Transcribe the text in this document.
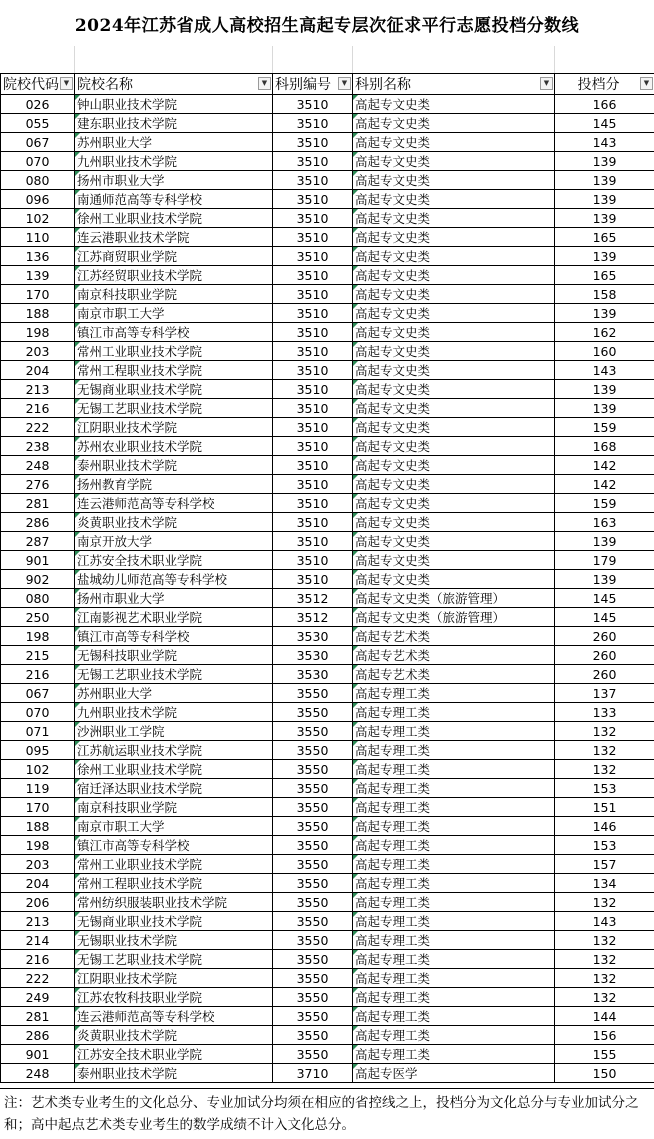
2024年江苏省成人高校招生高起专层次征求平行志愿投档分数线
院校代码 ▼	院校名称 ▼	科别编号 ▼	科别名称 ▼	投档分 ▼

026	钟山职业技术学院	3510	高起专文史类	166
055	建东职业技术学院	3510	高起专文史类	145
067	苏州职业大学	3510	高起专文史类	143
070	九州职业技术学院	3510	高起专文史类	139
080	扬州市职业大学	3510	高起专文史类	139
096	南通师范高等专科学校	3510	高起专文史类	139
102	徐州工业职业技术学院	3510	高起专文史类	139
110	连云港职业技术学院	3510	高起专文史类	165
136	江苏商贸职业学院	3510	高起专文史类	139
139	江苏经贸职业技术学院	3510	高起专文史类	165
170	南京科技职业学院	3510	高起专文史类	158
188	南京市职工大学	3510	高起专文史类	139
198	镇江市高等专科学校	3510	高起专文史类	162
203	常州工业职业技术学院	3510	高起专文史类	160
204	常州工程职业技术学院	3510	高起专文史类	143
213	无锡商业职业技术学院	3510	高起专文史类	139
216	无锡工艺职业技术学院	3510	高起专文史类	139
222	江阴职业技术学院	3510	高起专文史类	159
238	苏州农业职业技术学院	3510	高起专文史类	168
248	泰州职业技术学院	3510	高起专文史类	142
276	扬州教育学院	3510	高起专文史类	142
281	连云港师范高等专科学校	3510	高起专文史类	159
286	炎黄职业技术学院	3510	高起专文史类	163
287	南京开放大学	3510	高起专文史类	139
901	江苏安全技术职业学院	3510	高起专文史类	179
902	盐城幼儿师范高等专科学校	3510	高起专文史类	139
080	扬州市职业大学	3512	高起专文史类（旅游管理）	145
250	江南影视艺术职业学院	3512	高起专文史类（旅游管理）	145
198	镇江市高等专科学校	3530	高起专艺术类	260
215	无锡科技职业学院	3530	高起专艺术类	260
216	无锡工艺职业技术学院	3530	高起专艺术类	260
067	苏州职业大学	3550	高起专理工类	137
070	九州职业技术学院	3550	高起专理工类	133
071	沙洲职业工学院	3550	高起专理工类	132
095	江苏航运职业技术学院	3550	高起专理工类	132
102	徐州工业职业技术学院	3550	高起专理工类	132
119	宿迁泽达职业技术学院	3550	高起专理工类	153
170	南京科技职业学院	3550	高起专理工类	151
188	南京市职工大学	3550	高起专理工类	146
198	镇江市高等专科学校	3550	高起专理工类	153
203	常州工业职业技术学院	3550	高起专理工类	157
204	常州工程职业技术学院	3550	高起专理工类	134
206	常州纺织服装职业技术学院	3550	高起专理工类	132
213	无锡商业职业技术学院	3550	高起专理工类	143
214	无锡职业技术学院	3550	高起专理工类	132
216	无锡工艺职业技术学院	3550	高起专理工类	132
222	江阴职业技术学院	3550	高起专理工类	132
249	江苏农牧科技职业学院	3550	高起专理工类	132
281	连云港师范高等专科学校	3550	高起专理工类	144
286	炎黄职业技术学院	3550	高起专理工类	156
901	江苏安全技术职业学院	3550	高起专理工类	155
248	泰州职业技术学院	3710	高起专医学	150
注：艺术类专业考生的文化总分、专业加试分均须在相应的省控线之上，投档分为文化总分与专业加试分之和；高中起点艺术类专业考生的数学成绩不计入文化总分。
